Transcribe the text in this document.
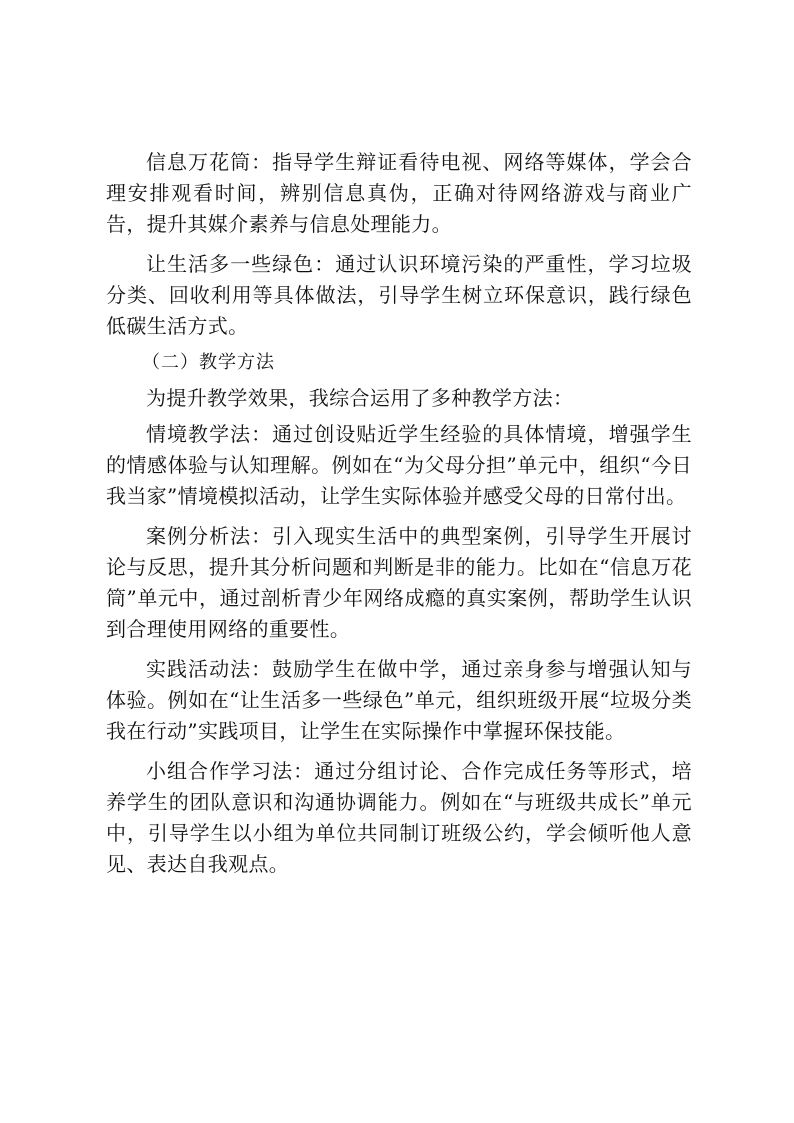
信息万花筒：指导学生辩证看待电视、网络等媒体，学会合理安排观看时间，辨别信息真伪，正确对待网络游戏与商业广告，提升其媒介素养与信息处理能力。

让生活多一些绿色：通过认识环境污染的严重性，学习垃圾分类、回收利用等具体做法，引导学生树立环保意识，践行绿色低碳生活方式。

（二）教学方法

为提升教学效果，我综合运用了多种教学方法：

情境教学法：通过创设贴近学生经验的具体情境，增强学生的情感体验与认知理解。例如在“为父母分担”单元中，组织“今日我当家”情境模拟活动，让学生实际体验并感受父母的日常付出。

案例分析法：引入现实生活中的典型案例，引导学生开展讨论与反思，提升其分析问题和判断是非的能力。比如在“信息万花筒”单元中，通过剖析青少年网络成瘾的真实案例，帮助学生认识到合理使用网络的重要性。

实践活动法：鼓励学生在做中学，通过亲身参与增强认知与体验。例如在“让生活多一些绿色”单元，组织班级开展“垃圾分类我在行动”实践项目，让学生在实际操作中掌握环保技能。

小组合作学习法：通过分组讨论、合作完成任务等形式，培养学生的团队意识和沟通协调能力。例如在“与班级共成长”单元中，引导学生以小组为单位共同制订班级公约，学会倾听他人意见、表达自我观点。
